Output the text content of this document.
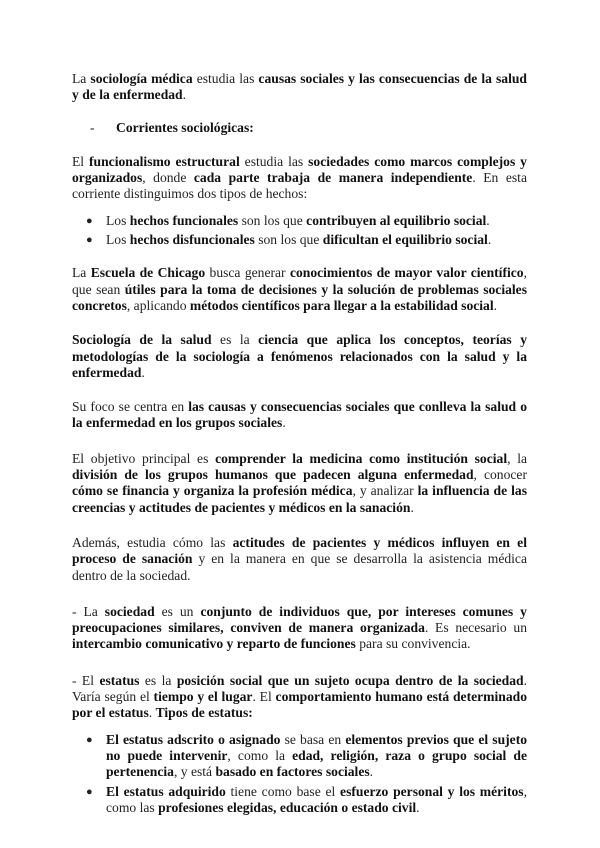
La sociología médica estudia las causas sociales y las consecuencias de la salud y de la enfermedad.

- Corrientes sociológicas:

El funcionalismo estructural estudia las sociedades como marcos complejos y organizados, donde cada parte trabaja de manera independiente. En esta corriente distinguimos dos tipos de hechos:

● Los hechos funcionales son los que contribuyen al equilibrio social.
● Los hechos disfuncionales son los que dificultan el equilibrio social.

La Escuela de Chicago busca generar conocimientos de mayor valor científico, que sean útiles para la toma de decisiones y la solución de problemas sociales concretos, aplicando métodos científicos para llegar a la estabilidad social.

Sociología de la salud es la ciencia que aplica los conceptos, teorías y metodologías de la sociología a fenómenos relacionados con la salud y la enfermedad.

Su foco se centra en las causas y consecuencias sociales que conlleva la salud o la enfermedad en los grupos sociales.

El objetivo principal es comprender la medicina como institución social, la división de los grupos humanos que padecen alguna enfermedad, conocer cómo se financia y organiza la profesión médica, y analizar la influencia de las creencias y actitudes de pacientes y médicos en la sanación.

Además, estudia cómo las actitudes de pacientes y médicos influyen en el proceso de sanación y en la manera en que se desarrolla la asistencia médica dentro de la sociedad.

- La sociedad es un conjunto de individuos que, por intereses comunes y preocupaciones similares, conviven de manera organizada. Es necesario un intercambio comunicativo y reparto de funciones para su convivencia.

- El estatus es la posición social que un sujeto ocupa dentro de la sociedad. Varía según el tiempo y el lugar. El comportamiento humano está determinado por el estatus. Tipos de estatus:

● El estatus adscrito o asignado se basa en elementos previos que el sujeto no puede intervenir, como la edad, religión, raza o grupo social de pertenencia, y está basado en factores sociales.
● El estatus adquirido tiene como base el esfuerzo personal y los méritos, como las profesiones elegidas, educación o estado civil.
